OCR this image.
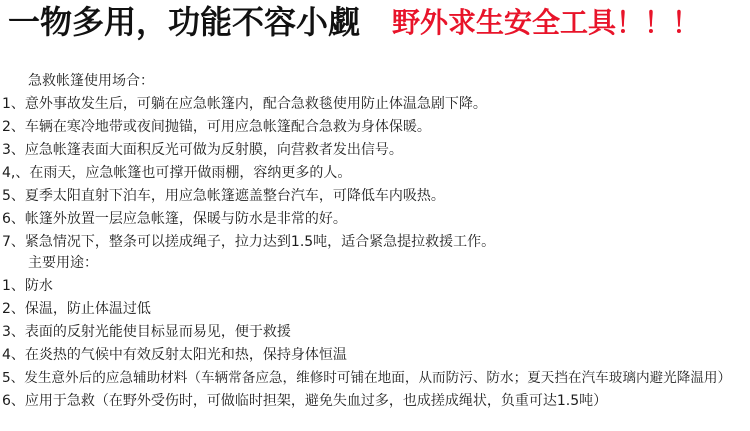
一物多用，功能不容小觑 野外求生安全工具！！！
急救帐篷使用场合：
1、意外事故发生后，可躺在应急帐篷内，配合急救毯使用防止体温急剧下降。
2、车辆在寒冷地带或夜间抛锚，可用应急帐篷配合急救为身体保暖。
3、应急帐篷表面大面积反光可做为反射膜，向营救者发出信号。
4,、在雨天，应急帐篷也可撑开做雨棚，容纳更多的人。
5、夏季太阳直射下泊车，用应急帐篷遮盖整台汽车，可降低车内吸热。
6、帐篷外放置一层应急帐篷，保暖与防水是非常的好。
7、紧急情况下，整条可以搓成绳子，拉力达到1.5吨，适合紧急提拉救援工作。
主要用途：
1、防水
2、保温，防止体温过低
3、表面的反射光能使目标显而易见，便于救援
4、在炎热的气候中有效反射太阳光和热，保持身体恒温
5、发生意外后的应急辅助材料（车辆常备应急，维修时可铺在地面，从而防污、防水；夏天挡在汽车玻璃内避光降温用）
6、应用于急救（在野外受伤时，可做临时担架，避免失血过多，也成搓成绳状，负重可达1.5吨）
